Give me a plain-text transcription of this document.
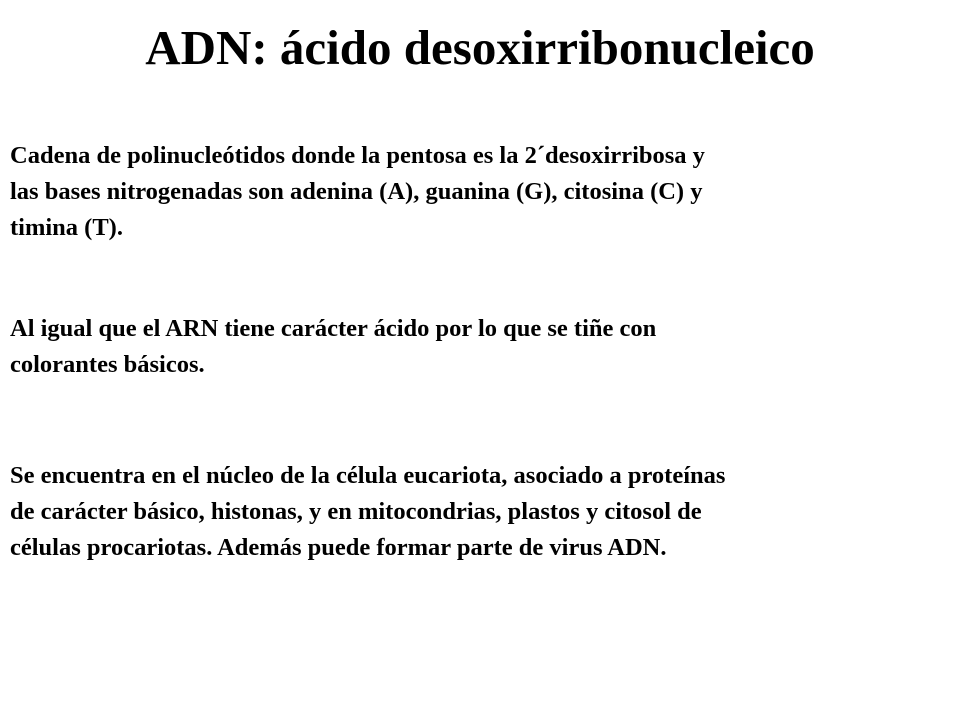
ADN: ácido desoxirribonucleico

Cadena de polinucleótidos donde la pentosa es la 2´desoxirribosa y
las bases nitrogenadas son adenina (A), guanina (G), citosina (C) y
timina (T).

Al igual que el ARN tiene carácter ácido por lo que se tiñe con
colorantes básicos.

Se encuentra en el núcleo de la célula eucariota, asociado a proteínas
de carácter básico, histonas, y en mitocondrias, plastos y citosol de
células procariotas. Además puede formar parte de virus ADN.
